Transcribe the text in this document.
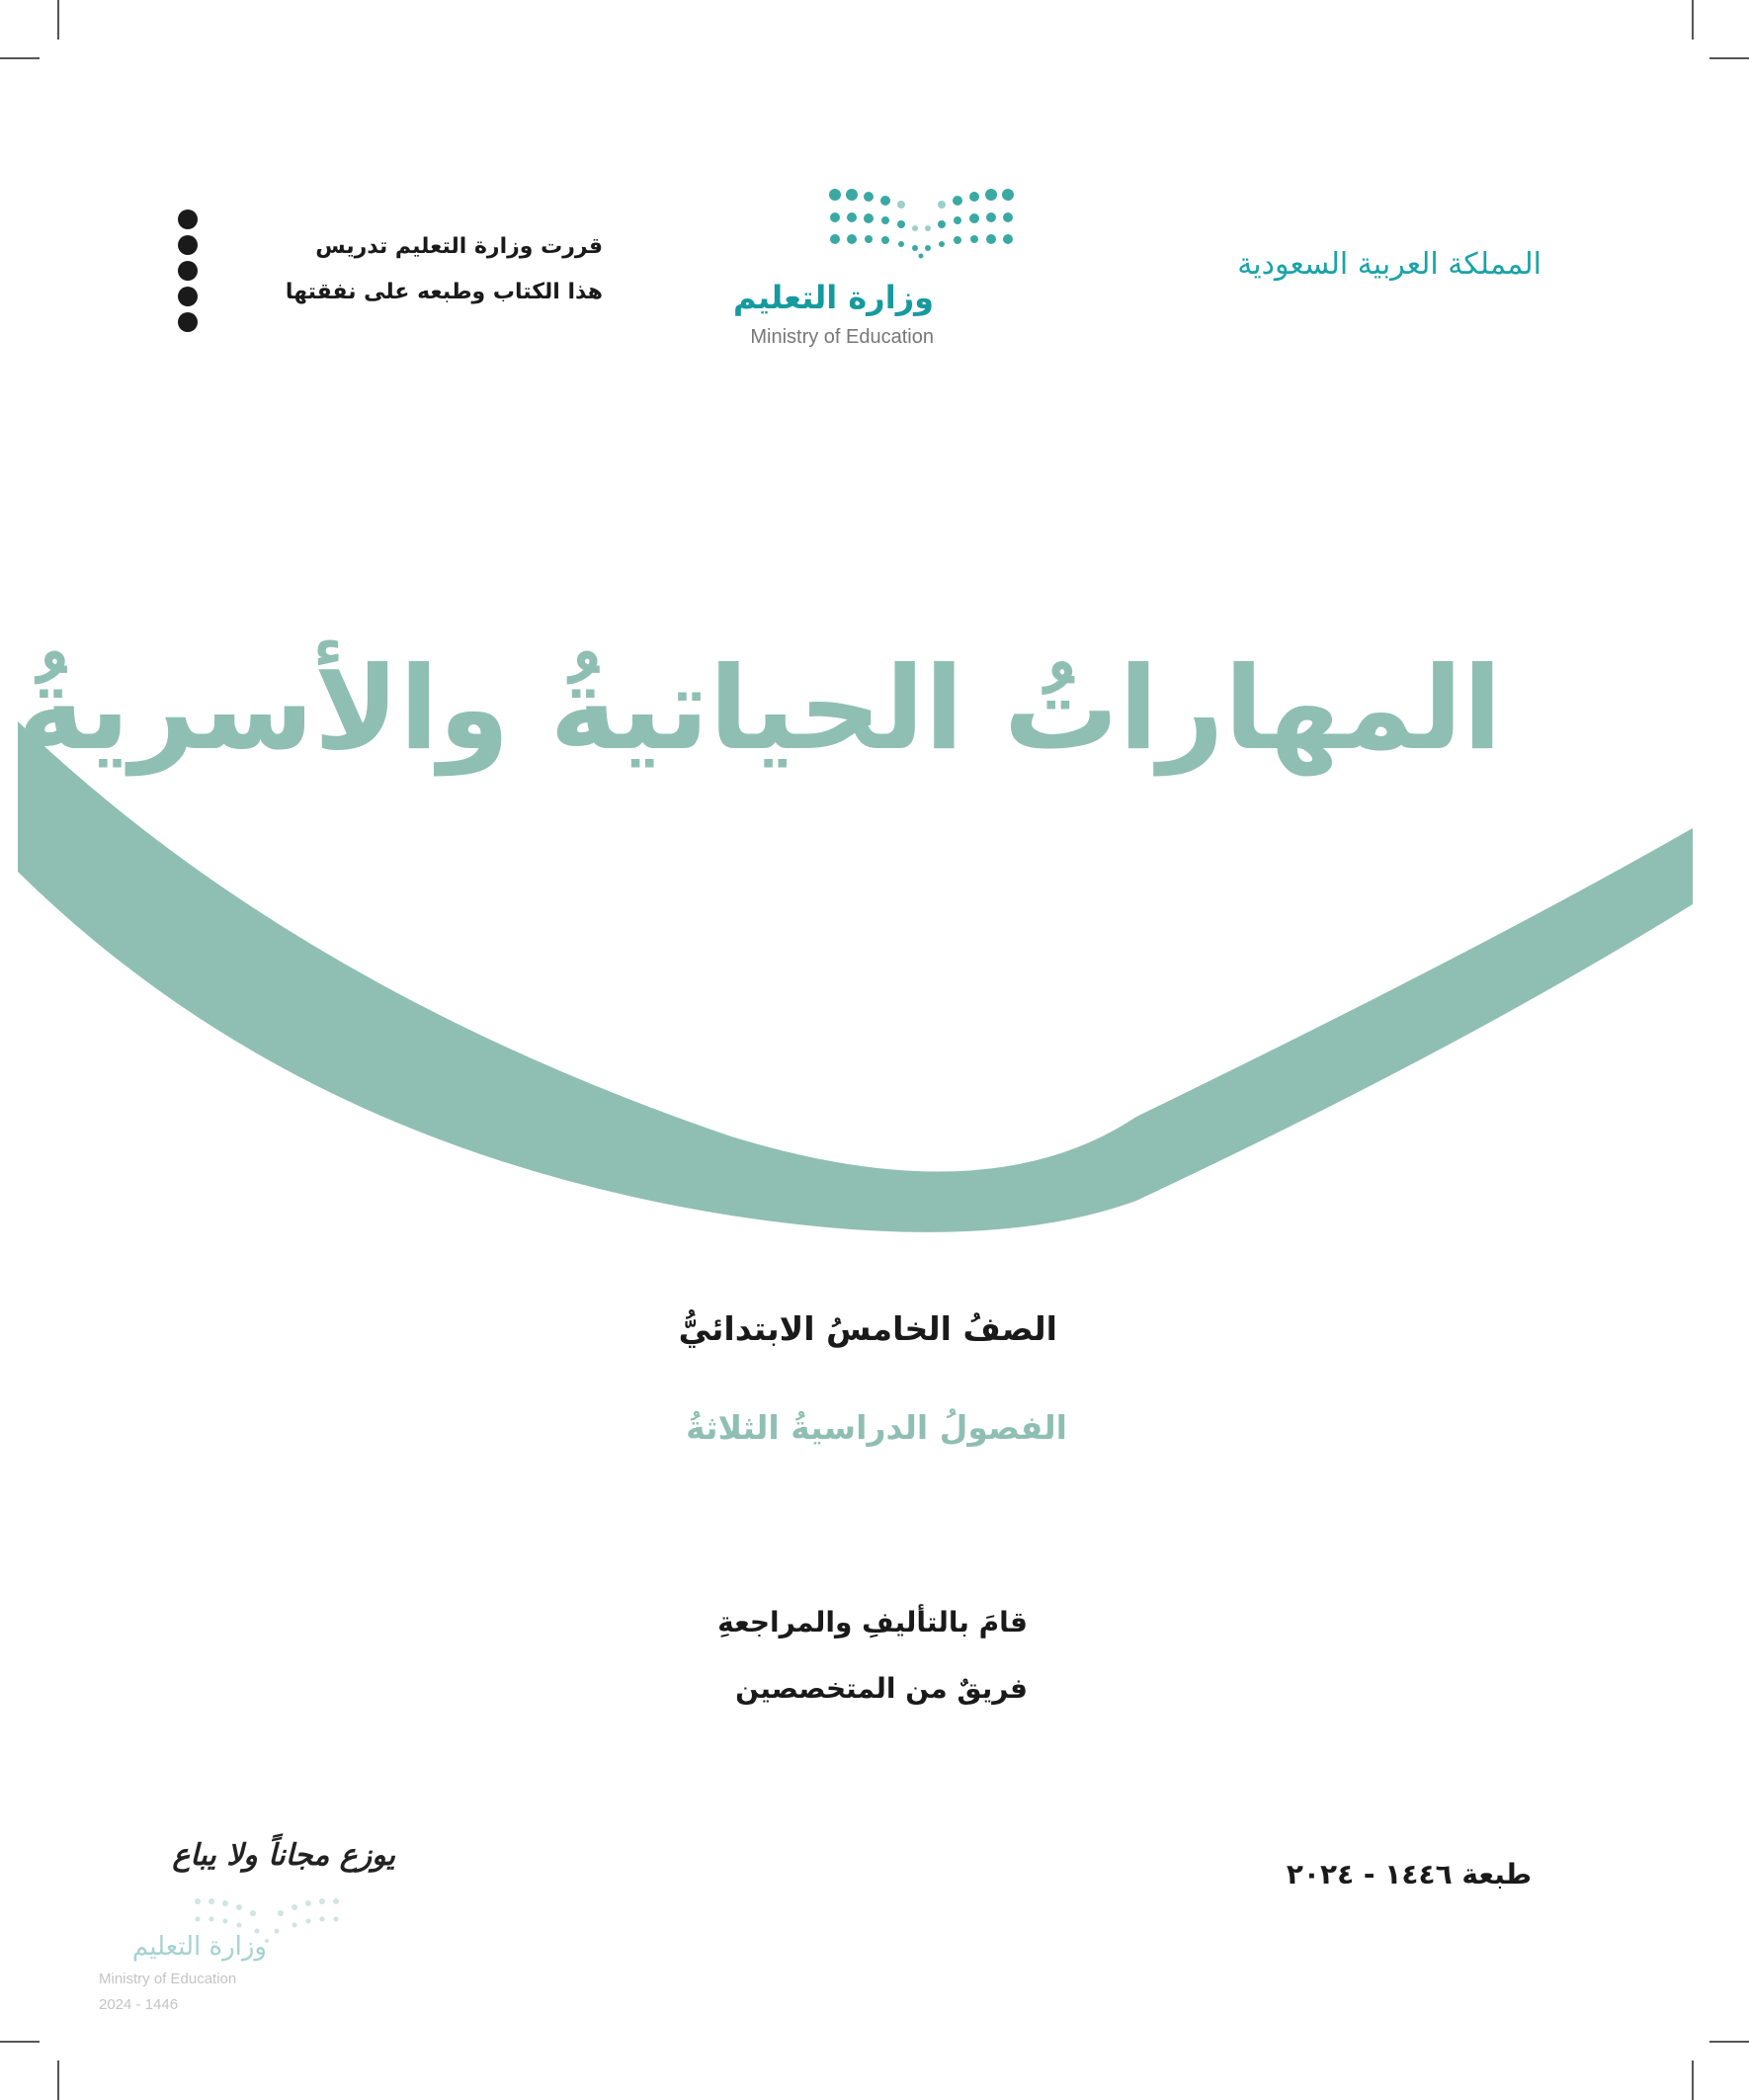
المملكة العربية السعودية
وزارة التعليم
Ministry of Education
قررت وزارة التعليم تدريس
هذا الكتاب وطبعه على نفقتها
المهاراتُ الحياتيةُ والأسريةُ
الصفُ الخامسُ الابتدائيُّ
الفصولُ الدراسيةُ الثلاثةُ
قامَ بالتأليفِ والمراجعةِ
فريقٌ من المتخصصين
طبعة ١٤٤٦ - ٢٠٢٤
يوزع مجاناً ولا يباع
وزارة التعليم
Ministry of Education
2024 - 1446
